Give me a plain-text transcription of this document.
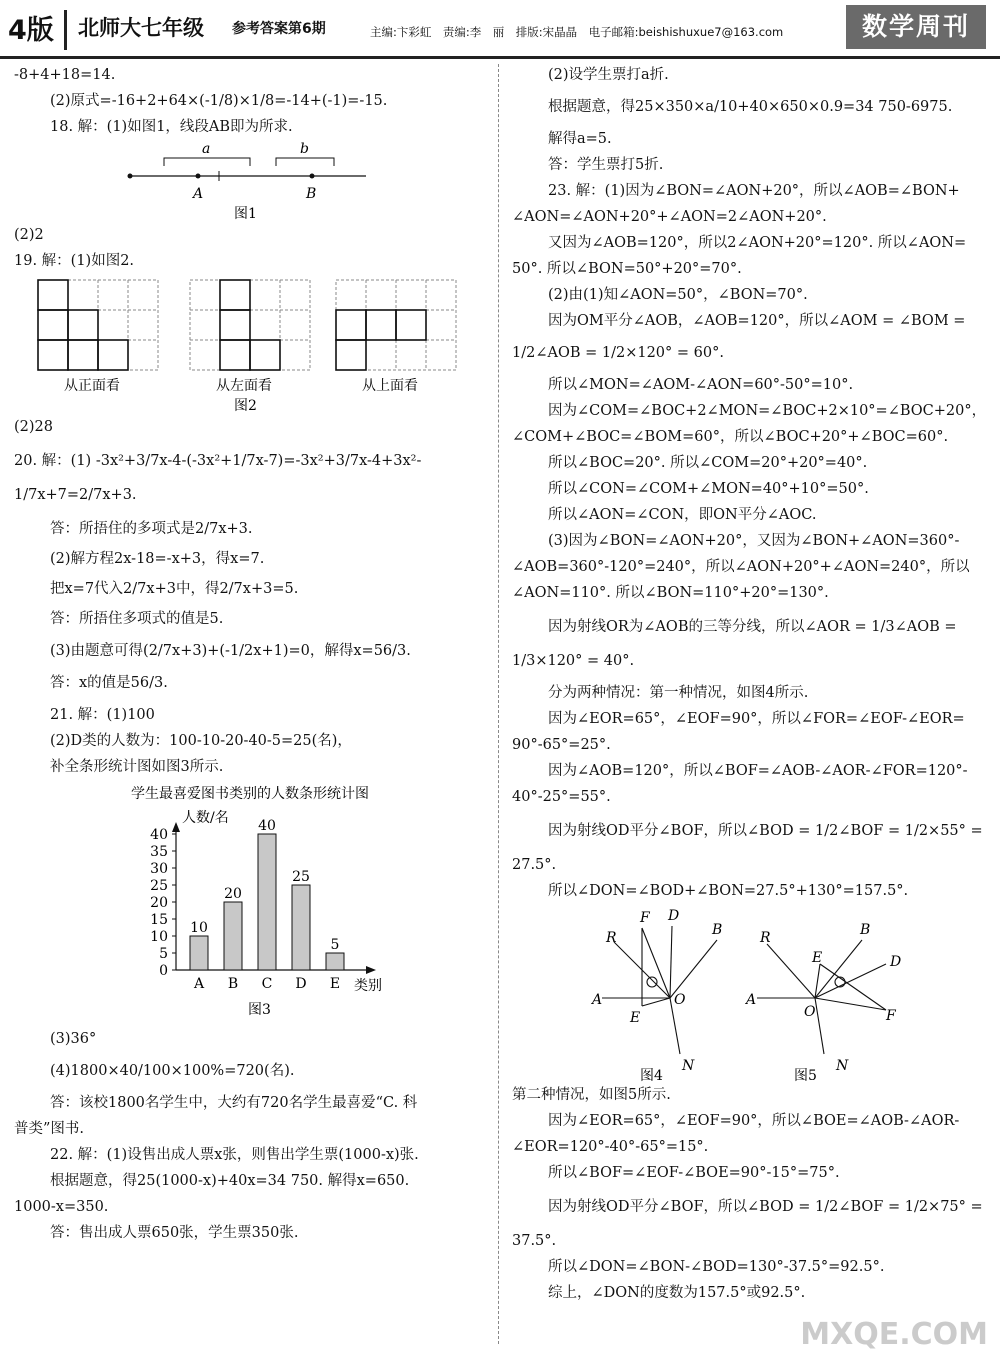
4版 北师大七年级 参考答案第6期	主编:卞彩虹　责编:李　丽　排版:宋晶晶　电子邮箱:beishishuxue7@163.com	数学周刊

-8+4+18=14.

(2)原式=-16+2+64×(-1/8)×1/8=-14+(-1)=-15.

18. 解：(1)如图1，线段AB即为所求.

a	b
A	B
图1

(2)2

19. 解：(1)如图2.

从正面看	从左面看	从上面看
图2

(2)28

20. 解：(1) -3x²+3/7x-4-(-3x²+1/7x-7)=-3x²+3/7x-4+3x²-

1/7x+7=2/7x+3.

答：所捂住的多项式是2/7x+3.

(2)解方程2x-18=-x+3，得x=7.

把x=7代入2/7x+3中，得2/7x+3=5.

答：所捂住多项式的值是5.

(3)由题意可得(2/7x+3)+(-1/2x+1)=0，解得x=56/3.

答：x的值是56/3.

21. 解：(1)100

(2)D类的人数为：100-10-20-40-5=25(名)，

补全条形统计图如图3所示.

学生最喜爱图书类别的人数条形统计图
人数/名
类别
10
A
20
B
40
C
25
D
5
E
图3
0
5
10
15
20
25
30
35
40

(3)36°

(4)1800×40/100×100%=720(名).

答：该校1800名学生中，大约有720名学生最喜爱“C. 科

普类”图书.

22. 解：(1)设售出成人票x张，则售出学生票(1000-x)张.

根据题意，得25(1000-x)+40x=34 750. 解得x=650.

1000-x=350.

答：售出成人票650张，学生票350张.

(2)设学生票打a折.

根据题意，得25×350×a/10+40×650×0.9=34 750-6975.

解得a=5.

答：学生票打5折.

23. 解：(1)因为∠BON=∠AON+20°，所以∠AOB=∠BON+

∠AON=∠AON+20°+∠AON=2∠AON+20°.

又因为∠AOB=120°，所以2∠AON+20°=120°. 所以∠AON=

50°. 所以∠BON=50°+20°=70°.

(2)由(1)知∠AON=50°，∠BON=70°.

因为OM平分∠AOB，∠AOB=120°，所以∠AOM = ∠BOM =

1/2∠AOB = 1/2×120° = 60°.

所以∠MON=∠AOM-∠AON=60°-50°=10°.

因为∠COM=∠BOC+2∠MON=∠BOC+2×10°=∠BOC+20°，

∠COM+∠BOC=∠BOM=60°，所以∠BOC+20°+∠BOC=60°.

所以∠BOC=20°. 所以∠COM=20°+20°=40°.

所以∠CON=∠COM+∠MON=40°+10°=50°.

所以∠AON=∠CON，即ON平分∠AOC.

(3)因为∠BON=∠AON+20°，又因为∠BON+∠AON=360°-

∠AOB=360°-120°=240°，所以∠AON+20°+∠AON=240°，所以

∠AON=110°. 所以∠BON=110°+20°=130°.

因为射线OR为∠AOB的三等分线，所以∠AOR = 1/3∠AOB =

1/3×120° = 40°.

分为两种情况：第一种情况，如图4所示.

因为∠EOR=65°，∠EOF=90°，所以∠FOR=∠EOF-∠EOR=

90°-65°=25°.

因为∠AOB=120°，所以∠BOF=∠AOB-∠AOR-∠FOR=120°-

40°-25°=55°.

因为射线OD平分∠BOF，所以∠BOD = 1/2∠BOF = 1/2×55° =

27.5°.

所以∠DON=∠BOD+∠BON=27.5°+130°=157.5°.

F D
B
R
A
E
O
N
R	B
E	D
A
O	F
N
图4	图5

第二种情况，如图5所示.

因为∠EOR=65°，∠EOF=90°，所以∠BOE=∠AOB-∠AOR-

∠EOR=120°-40°-65°=15°.

所以∠BOF=∠EOF-∠BOE=90°-15°=75°.

因为射线OD平分∠BOF，所以∠BOD = 1/2∠BOF = 1/2×75° =

37.5°.

所以∠DON=∠BON-∠BOD=130°-37.5°=92.5°.

综上，∠DON的度数为157.5°或92.5°.

MXQE.COM
